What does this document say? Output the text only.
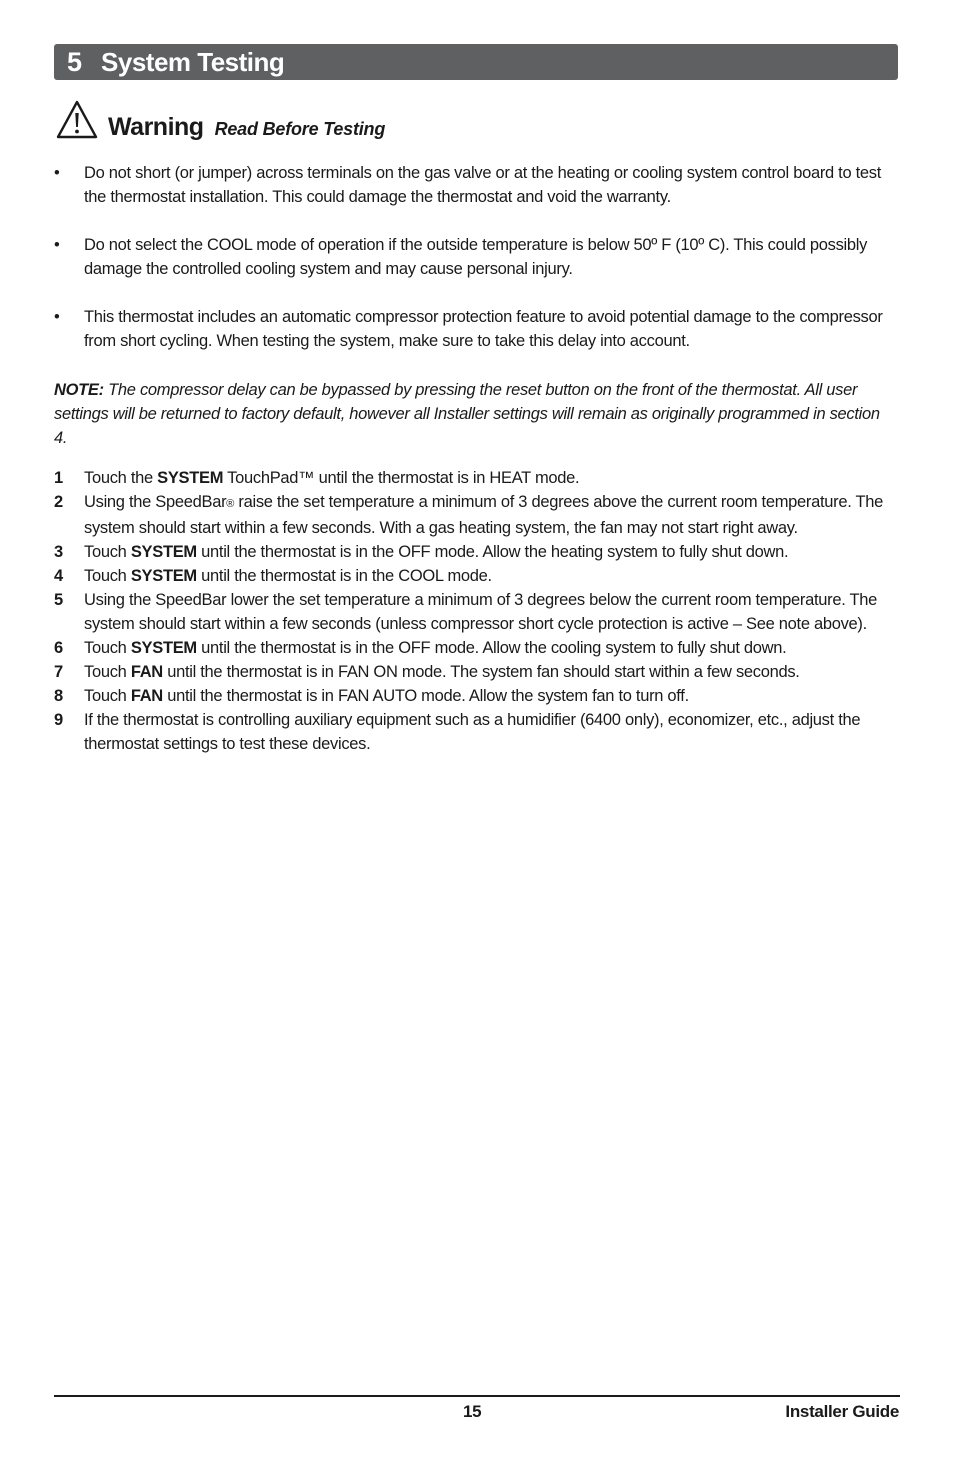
5 System Testing
Warning Read Before Testing
•	Do not short (or jumper) across terminals on the gas valve or at the heating or cooling system control board to test the thermostat installation. This could damage the thermostat and void the warranty.
•	Do not select the COOL mode of operation if the outside temperature is below 50º F (10º C). This could possibly damage the controlled cooling system and may cause personal injury.
•	This thermostat includes an automatic compressor protection feature to avoid potential damage to the compressor from short cycling. When testing the system, make sure to take this delay into account.
NOTE: The compressor delay can be bypassed by pressing the reset button on the front of the thermostat. All user settings will be returned to factory default, however all Installer settings will remain as originally programmed in section 4.
1 Touch the SYSTEM TouchPad™ until the thermostat is in HEAT mode.
2 Using the SpeedBar® raise the set temperature a minimum of 3 degrees above the current room temperature. The system should start within a few seconds. With a gas heating system, the fan may not start right away.
3 Touch SYSTEM until the thermostat is in the OFF mode. Allow the heating system to fully shut down.
4 Touch SYSTEM until the thermostat is in the COOL mode.
5 Using the SpeedBar lower the set temperature a minimum of 3 degrees below the current room temperature. The system should start within a few seconds (unless compressor short cycle protection is active – See note above).
6 Touch SYSTEM until the thermostat is in the OFF mode. Allow the cooling system to fully shut down.
7 Touch FAN until the thermostat is in FAN ON mode. The system fan should start within a few seconds.
8 Touch FAN until the thermostat is in FAN AUTO mode. Allow the system fan to turn off.
9 If the thermostat is controlling auxiliary equipment such as a humidifier (6400 only), economizer, etc., adjust the thermostat settings to test these devices.
15	Installer Guide
